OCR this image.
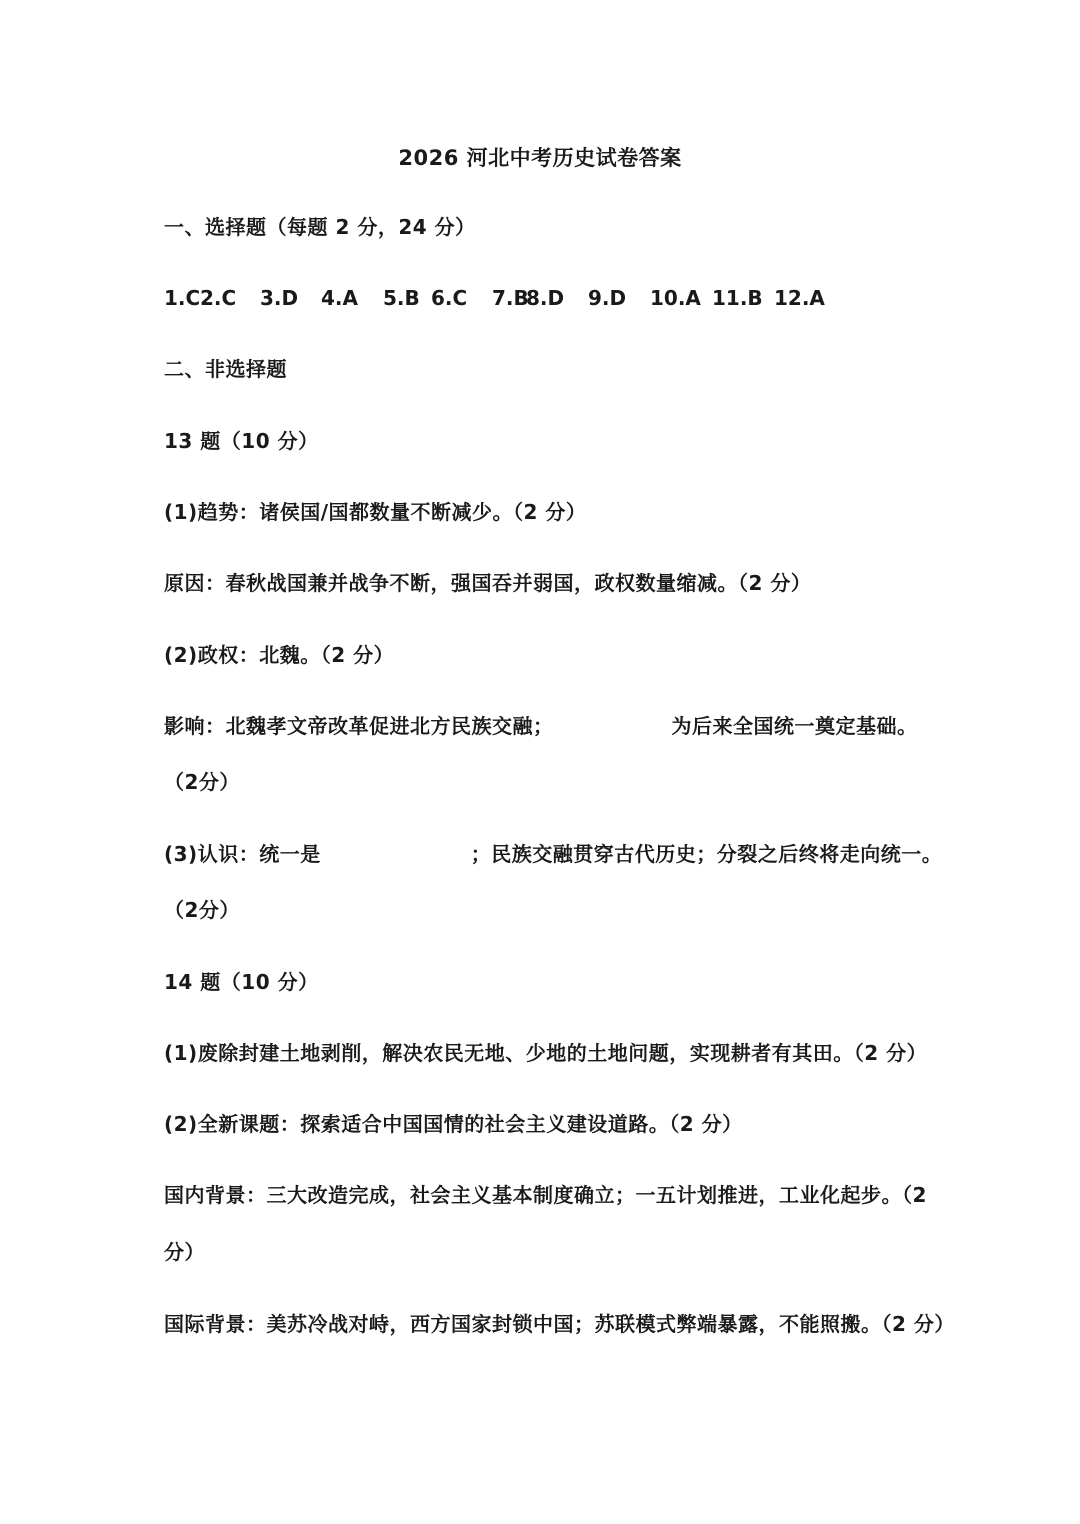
2026 河北中考历史试卷答案
一、选择题（每题 2 分，24 分）
1.C 2.C 3.D 4.A 5.B 6.C 7.B
8.D 9.D 10.A 11.B 12.A
二、非选择题
13 题（10 分）
(1)趋势：诸侯国/国都数量不断减少。（2 分）
原因：春秋战国兼并战争不断，强国吞并弱国，政权数量缩减。（2 分）
(2)政权：北魏。（2 分）
影响：北魏孝文帝改革促进北方民族交融；	为后来全国统一奠定基础。
（2分）
(3)认识：统一是	；民族交融贯穿古代历史；分裂之后终将走向统一。
（2分）
14 题（10 分）
(1)废除封建土地剥削，解决农民无地、少地的土地问题，实现耕者有其田。（2 分）
(2)全新课题：探索适合中国国情的社会主义建设道路。（2 分）
国内背景：三大改造完成，社会主义基本制度确立；一五计划推进，工业化起步。（2
分）
国际背景：美苏冷战对峙，西方国家封锁中国；苏联模式弊端暴露，不能照搬。（2 分）
